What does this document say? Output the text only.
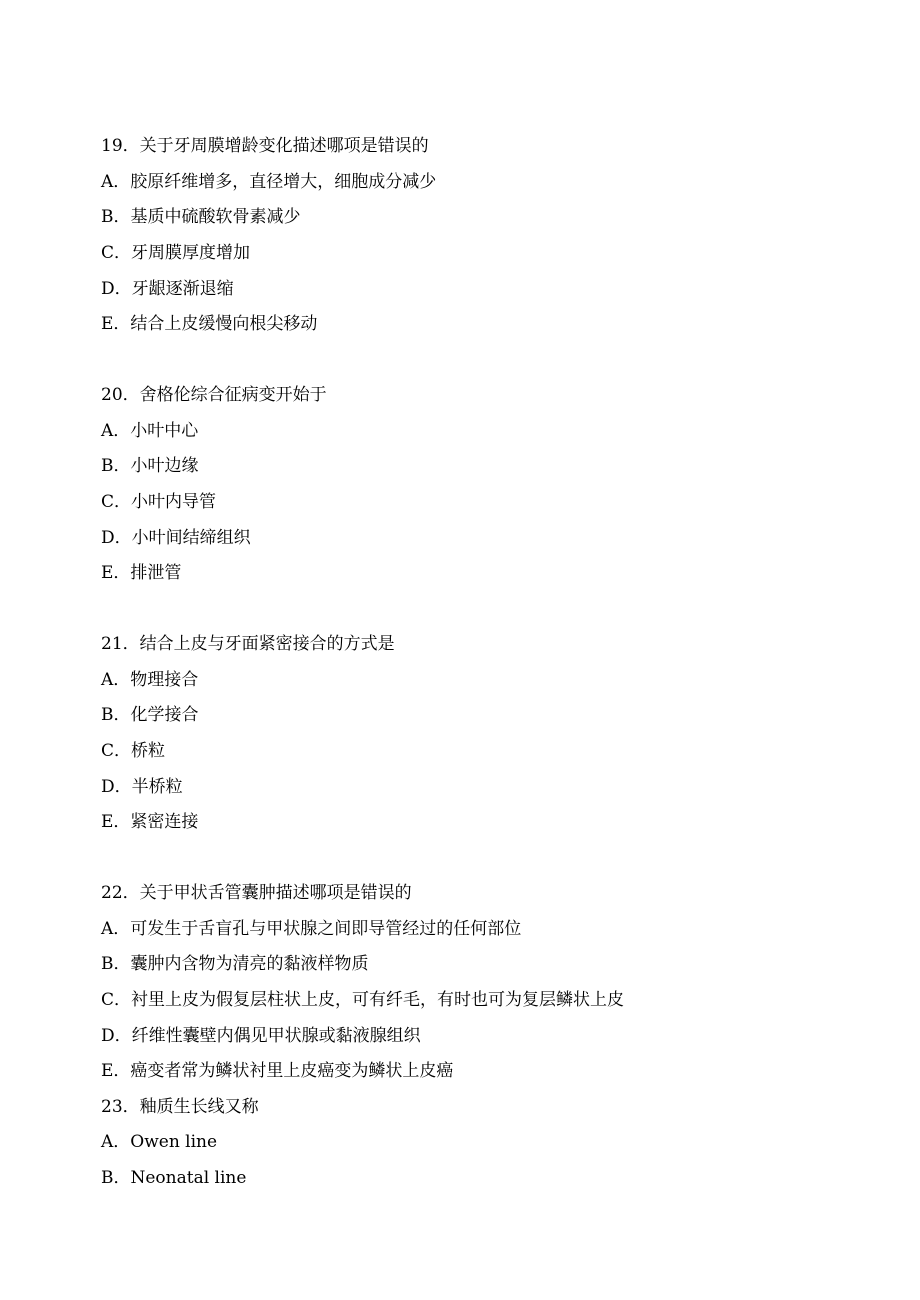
19．关于牙周膜增龄变化描述哪项是错误的
A．胶原纤维增多，直径增大，细胞成分减少
B．基质中硫酸软骨素减少
C．牙周膜厚度增加
D．牙龈逐渐退缩
E．结合上皮缓慢向根尖移动
20．舍格伦综合征病变开始于
A．小叶中心
B．小叶边缘
C．小叶内导管
D．小叶间结缔组织
E．排泄管
21．结合上皮与牙面紧密接合的方式是
A．物理接合
B．化学接合
C．桥粒
D．半桥粒
E．紧密连接
22．关于甲状舌管囊肿描述哪项是错误的
A．可发生于舌盲孔与甲状腺之间即导管经过的任何部位
B．囊肿内含物为清亮的黏液样物质
C．衬里上皮为假复层柱状上皮，可有纤毛，有时也可为复层鳞状上皮
D．纤维性囊壁内偶见甲状腺或黏液腺组织
E．癌变者常为鳞状衬里上皮癌变为鳞状上皮癌
23．釉质生长线又称
A．Owen line
B．Neonatal line
